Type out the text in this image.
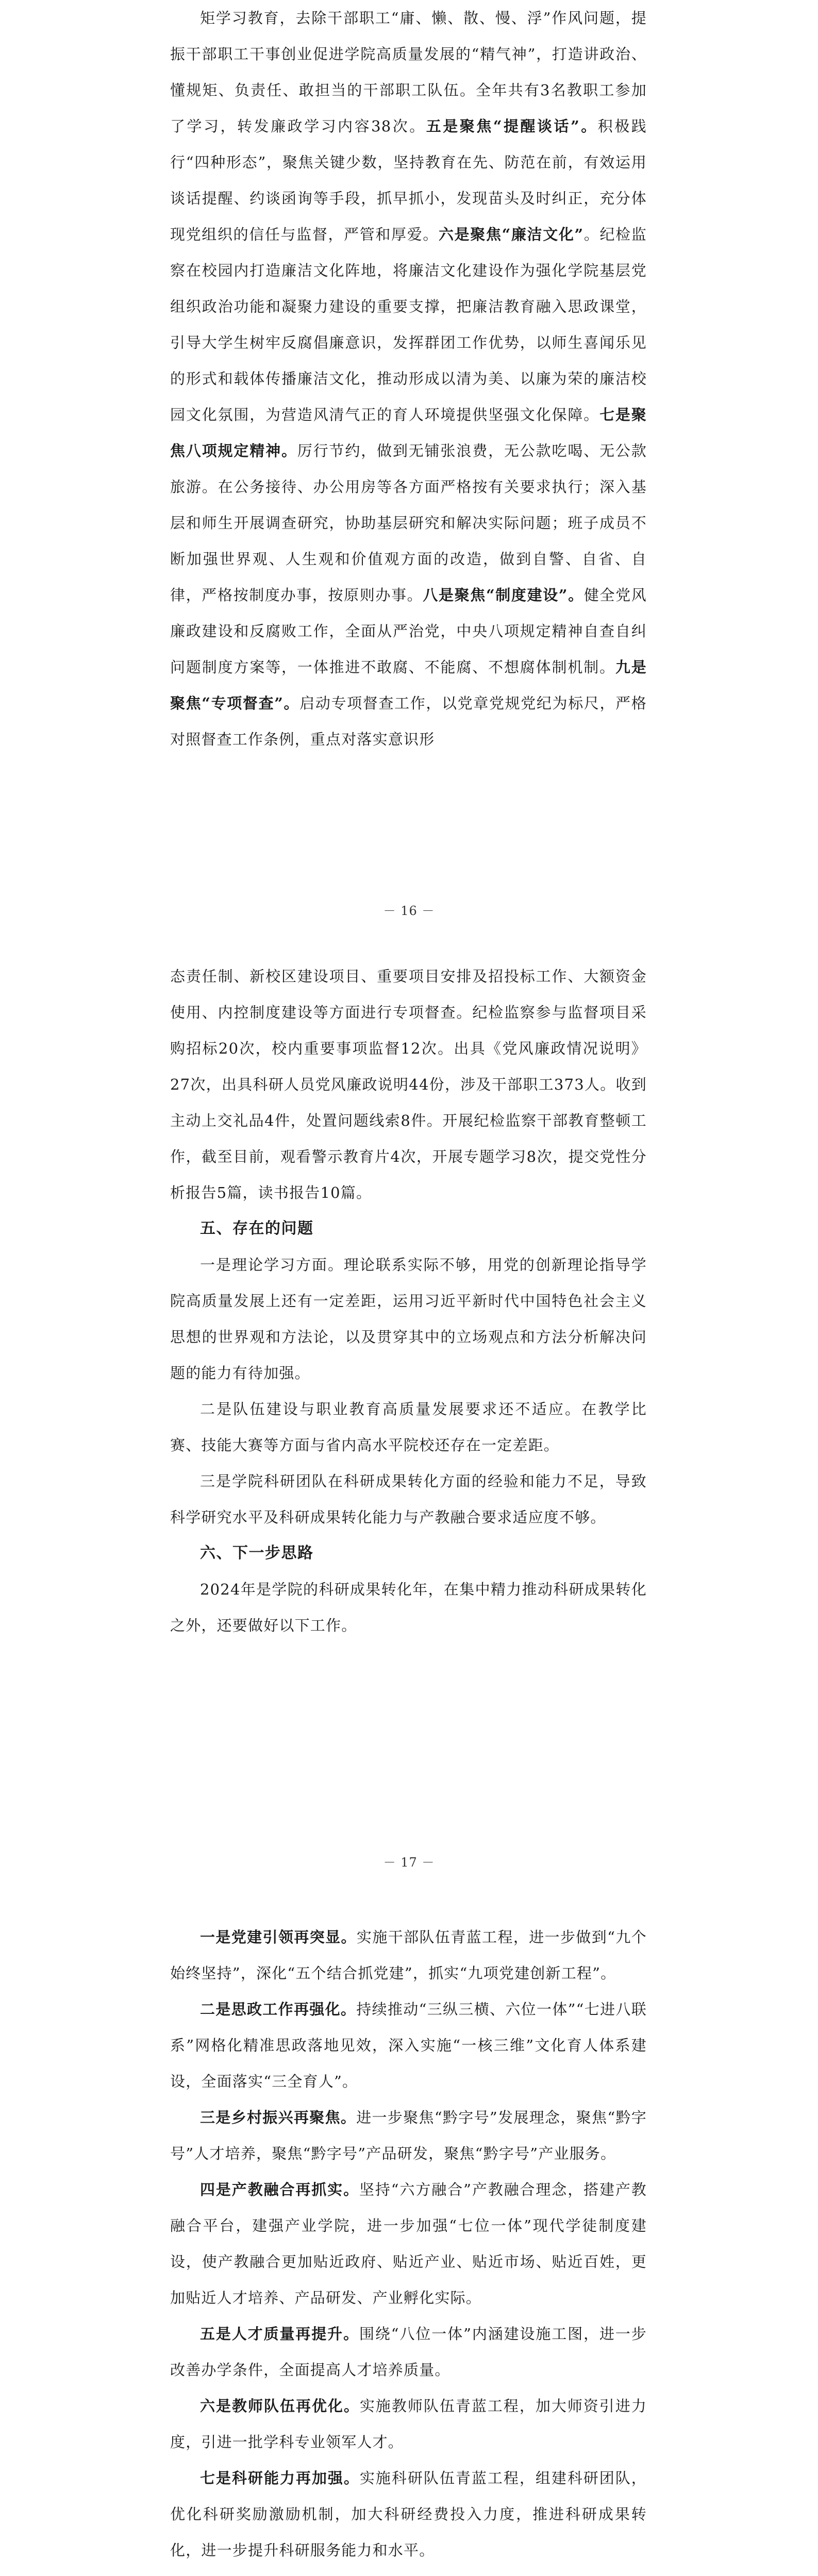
矩学习教育，去除干部职工“庸、懒、散、慢、浮”作风问题，提振干部职工干事创业促进学院高质量发展的“精气神”，打造讲政治、懂规矩、负责任、敢担当的干部职工队伍。全年共有3名教职工参加了学习，转发廉政学习内容38次。五是聚焦“提醒谈话”。积极践行“四种形态”，聚焦关键少数，坚持教育在先、防范在前，有效运用谈话提醒、约谈函询等手段，抓早抓小，发现苗头及时纠正，充分体现党组织的信任与监督，严管和厚爱。六是聚焦“廉洁文化”。纪检监察在校园内打造廉洁文化阵地，将廉洁文化建设作为强化学院基层党组织政治功能和凝聚力建设的重要支撑，把廉洁教育融入思政课堂，引导大学生树牢反腐倡廉意识，发挥群团工作优势，以师生喜闻乐见的形式和载体传播廉洁文化，推动形成以清为美、以廉为荣的廉洁校园文化氛围，为营造风清气正的育人环境提供坚强文化保障。七是聚焦八项规定精神。厉行节约，做到无铺张浪费，无公款吃喝、无公款旅游。在公务接待、办公用房等各方面严格按有关要求执行；深入基层和师生开展调查研究，协助基层研究和解决实际问题；班子成员不断加强世界观、人生观和价值观方面的改造，做到自警、自省、自律，严格按制度办事，按原则办事。八是聚焦“制度建设”。健全党风廉政建设和反腐败工作，全面从严治党，中央八项规定精神自查自纠问题制度方案等，一体推进不敢腐、不能腐、不想腐体制机制。九是聚焦“专项督查”。启动专项督查工作，以党章党规党纪为标尺，严格对照督查工作条例，重点对落实意识形

－ 16 －

态责任制、新校区建设项目、重要项目安排及招投标工作、大额资金使用、内控制度建设等方面进行专项督查。纪检监察参与监督项目采购招标20次，校内重要事项监督12次。出具《党风廉政情况说明》27次，出具科研人员党风廉政说明44份，涉及干部职工373人。收到主动上交礼品4件，处置问题线索8件。开展纪检监察干部教育整顿工作，截至目前，观看警示教育片4次，开展专题学习8次，提交党性分析报告5篇，读书报告10篇。

五、存在的问题

一是理论学习方面。理论联系实际不够，用党的创新理论指导学院高质量发展上还有一定差距，运用习近平新时代中国特色社会主义思想的世界观和方法论，以及贯穿其中的立场观点和方法分析解决问题的能力有待加强。

二是队伍建设与职业教育高质量发展要求还不适应。在教学比赛、技能大赛等方面与省内高水平院校还存在一定差距。

三是学院科研团队在科研成果转化方面的经验和能力不足，导致科学研究水平及科研成果转化能力与产教融合要求适应度不够。

六、下一步思路

2024年是学院的科研成果转化年，在集中精力推动科研成果转化之外，还要做好以下工作。

－ 17 －

一是党建引领再突显。实施干部队伍青蓝工程，进一步做到“九个始终坚持”，深化“五个结合抓党建”，抓实“九项党建创新工程”。

二是思政工作再强化。持续推动“三纵三横、六位一体”“七进八联系”网格化精准思政落地见效，深入实施“一核三维”文化育人体系建设，全面落实“三全育人”。

三是乡村振兴再聚焦。进一步聚焦“黔字号”发展理念，聚焦“黔字号”人才培养，聚焦“黔字号”产品研发，聚焦“黔字号”产业服务。

四是产教融合再抓实。坚持“六方融合”产教融合理念，搭建产教融合平台，建强产业学院，进一步加强“七位一体”现代学徒制度建设，使产教融合更加贴近政府、贴近产业、贴近市场、贴近百姓，更加贴近人才培养、产品研发、产业孵化实际。

五是人才质量再提升。围绕“八位一体”内涵建设施工图，进一步改善办学条件，全面提高人才培养质量。

六是教师队伍再优化。实施教师队伍青蓝工程，加大师资引进力度，引进一批学科专业领军人才。

七是科研能力再加强。实施科研队伍青蓝工程，组建科研团队，优化科研奖励激励机制，加大科研经费投入力度，推进科研成果转化，进一步提升科研服务能力和水平。
